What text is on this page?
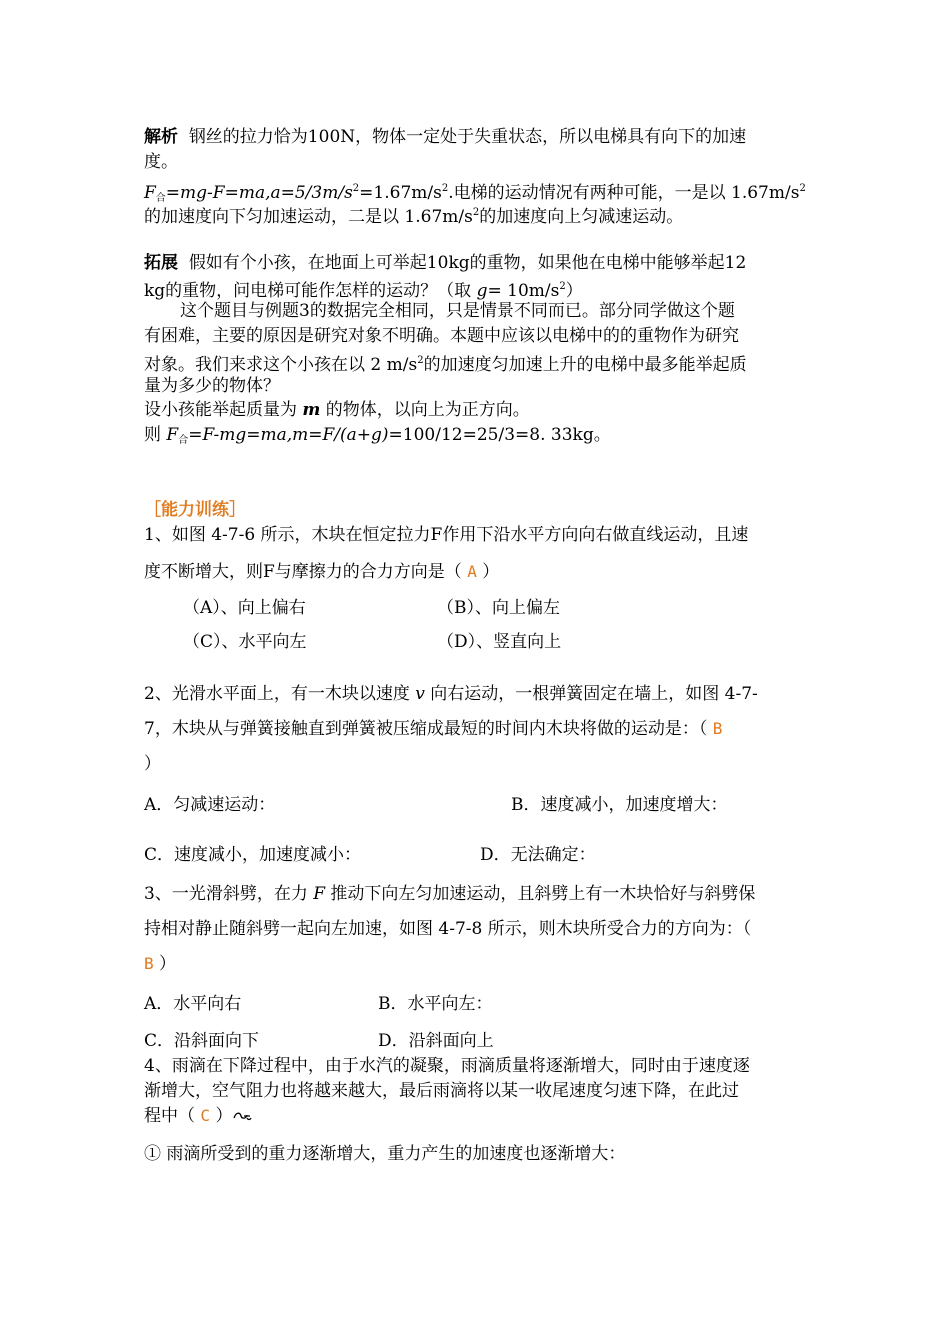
解析 钢丝的拉力恰为100N，物体一定处于失重状态，所以电梯具有向下的加速
度。
$F_合=mg-F=ma,a=5/3m/s^2=1.67m/s^2$.电梯的运动情况有两种可能，一是以 $1.67m/s^2$
的加速度向下匀加速运动，二是以 $1.67m/s^2$的加速度向上匀减速运动。
拓展 假如有个小孩，在地面上可举起10kg的重物，如果他在电梯中能够举起12
kg的重物，问电梯可能作怎样的运动？（取 $g= 10m/s^2$）
这个题目与例题3的数据完全相同，只是情景不同而已。部分同学做这个题
有困难，主要的原因是研究对象不明确。本题中应该以电梯中的的重物作为研究
对象。我们来求这个小孩在以 2 $m/s^2$的加速度匀加速上升的电梯中最多能举起质
量为多少的物体？
设小孩能举起质量为 m 的物体，以向上为正方向。
则 $F_合=F-mg=ma,m=F/(a+g)=100/12=25/3=8$. 33kg。
［能力训练］
1、如图 4-7-6 所示，木块在恒定拉力F作用下沿水平方向向右做直线运动，且速
度不断增大，则F与摩擦力的合力方向是（ A ）
（A）、向上偏右	（B）、向上偏左
（C）、水平向左	（D）、竖直向上
2、光滑水平面上，有一木块以速度 v 向右运动，一根弹簧固定在墙上，如图 4-7-
7，木块从与弹簧接触直到弹簧被压缩成最短的时间内木块将做的运动是：（ B
）
A．匀减速运动：	B．速度减小，加速度增大：
C．速度减小，加速度减小：	D．无法确定：
3、一光滑斜劈，在力 F 推动下向左匀加速运动，且斜劈上有一木块恰好与斜劈保
持相对静止随斜劈一起向左加速，如图 4-7-8 所示，则木块所受合力的方向为：（
B ）
A．水平向右	B．水平向左：
C．沿斜面向下	D．沿斜面向上
4、雨滴在下降过程中，由于水汽的凝聚，雨滴质量将逐渐增大，同时由于速度逐
渐增大，空气阻力也将越来越大，最后雨滴将以某一收尾速度匀速下降，在此过
程中（ C ）
① 雨滴所受到的重力逐渐增大，重力产生的加速度也逐渐增大：
